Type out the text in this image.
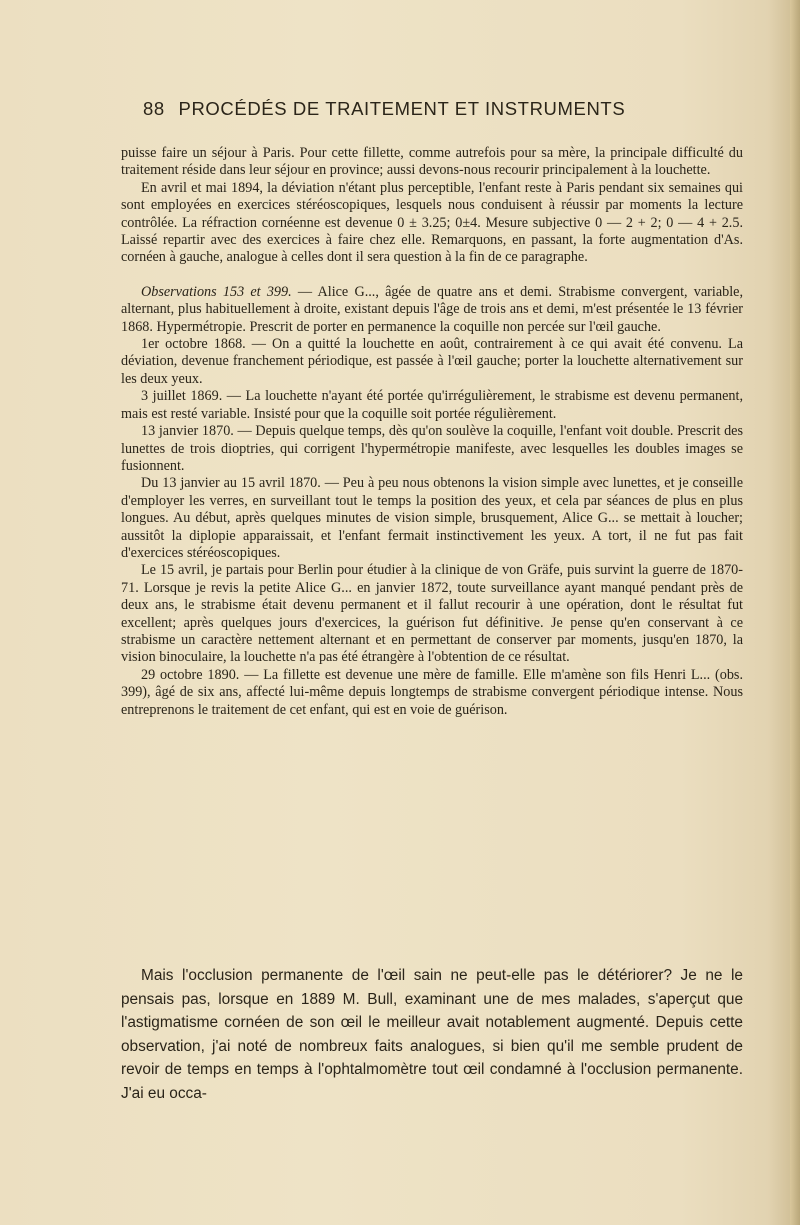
88 PROCÉDÉS DE TRAITEMENT ET INSTRUMENTS

puisse faire un séjour à Paris. Pour cette fillette, comme autrefois pour sa mère, la principale difficulté du traitement réside dans leur séjour en province; aussi devons-nous recourir principalement à la louchette.

En avril et mai 1894, la déviation n'étant plus perceptible, l'enfant reste à Paris pendant six semaines qui sont employées en exercices stéréoscopiques, lesquels nous conduisent à réussir par moments la lecture contrôlée. La réfraction cornéenne est devenue 0 ± 3.25; 0±4. Mesure subjective 0 — 2 + 2; 0 — 4 + 2.5. Laissé repartir avec des exercices à faire chez elle. Remarquons, en passant, la forte augmentation d'As. cornéen à gauche, analogue à celles dont il sera question à la fin de ce paragraphe.

Observations 153 et 399. — Alice G..., âgée de quatre ans et demi. Strabisme convergent, variable, alternant, plus habituellement à droite, existant depuis l'âge de trois ans et demi, m'est présentée le 13 février 1868. Hypermétropie. Prescrit de porter en permanence la coquille non percée sur l'œil gauche.

1er octobre 1868. — On a quitté la louchette en août, contrairement à ce qui avait été convenu. La déviation, devenue franchement périodique, est passée à l'œil gauche; porter la louchette alternativement sur les deux yeux.

3 juillet 1869. — La louchette n'ayant été portée qu'irrégulièrement, le strabisme est devenu permanent, mais est resté variable. Insisté pour que la coquille soit portée régulièrement.

13 janvier 1870. — Depuis quelque temps, dès qu'on soulève la coquille, l'enfant voit double. Prescrit des lunettes de trois dioptries, qui corrigent l'hypermétropie manifeste, avec lesquelles les doubles images se fusionnent.

Du 13 janvier au 15 avril 1870. — Peu à peu nous obtenons la vision simple avec lunettes, et je conseille d'employer les verres, en surveillant tout le temps la position des yeux, et cela par séances de plus en plus longues. Au début, après quelques minutes de vision simple, brusquement, Alice G... se mettait à loucher; aussitôt la diplopie apparaissait, et l'enfant fermait instinctivement les yeux. A tort, il ne fut pas fait d'exercices stéréoscopiques.

Le 15 avril, je partais pour Berlin pour étudier à la clinique de von Gräfe, puis survint la guerre de 1870-71. Lorsque je revis la petite Alice G... en janvier 1872, toute surveillance ayant manqué pendant près de deux ans, le strabisme était devenu permanent et il fallut recourir à une opération, dont le résultat fut excellent; après quelques jours d'exercices, la guérison fut définitive. Je pense qu'en conservant à ce strabisme un caractère nettement alternant et en permettant de conserver par moments, jusqu'en 1870, la vision binoculaire, la louchette n'a pas été étrangère à l'obtention de ce résultat.

29 octobre 1890. — La fillette est devenue une mère de famille. Elle m'amène son fils Henri L... (obs. 399), âgé de six ans, affecté lui-même depuis longtemps de strabisme convergent périodique intense. Nous entreprenons le traitement de cet enfant, qui est en voie de guérison.

Mais l'occlusion permanente de l'œil sain ne peut-elle pas le détériorer? Je ne le pensais pas, lorsque en 1889 M. Bull, examinant une de mes malades, s'aperçut que l'astigmatisme cornéen de son œil le meilleur avait notablement augmenté. Depuis cette observation, j'ai noté de nombreux faits analogues, si bien qu'il me semble prudent de revoir de temps en temps à l'ophtalmomètre tout œil condamné à l'occlusion permanente. J'ai eu occa-
